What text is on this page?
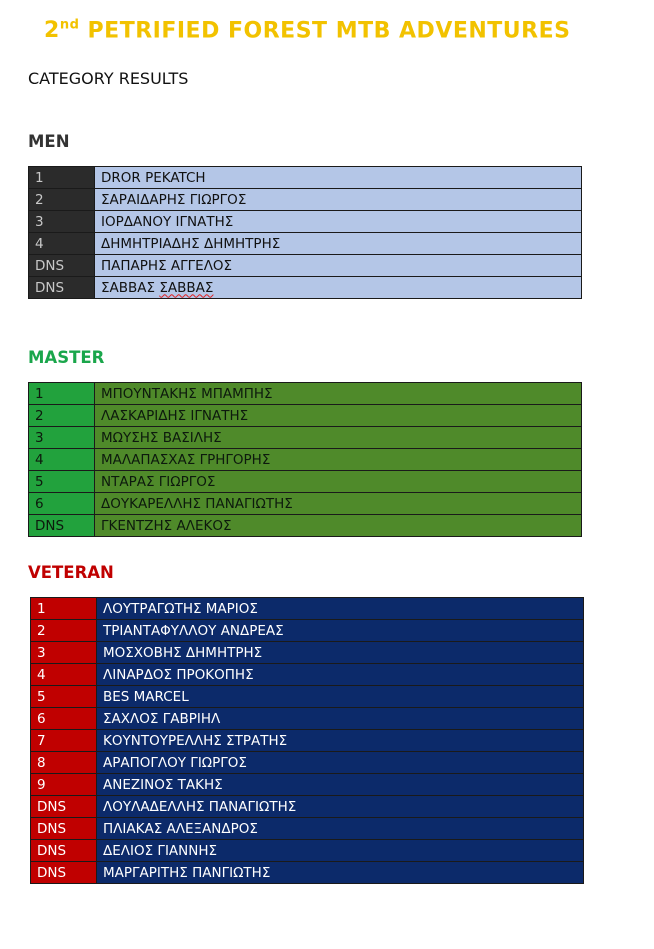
2nd PETRIFIED FOREST MTB ADVENTURES
CATEGORY RESULTS
MEN
1	DROR PEKATCH
2	ΣΑΡΑΙΔΑΡΗΣ ΓΙΩΡΓΟΣ
3	ΙΟΡΔΑΝΟΥ ΙΓΝΑΤΗΣ
4	ΔΗΜΗΤΡΙΑΔΗΣ ΔΗΜΗΤΡΗΣ
DNS	ΠΑΠΑΡΗΣ ΑΓΓΕΛΟΣ
DNS	ΣΑΒΒΑΣ ΣΑΒΒΑΣ
MASTER
1	ΜΠΟΥΝΤΑΚΗΣ ΜΠΑΜΠΗΣ
2	ΛΑΣΚΑΡΙΔΗΣ ΙΓΝΑΤΗΣ
3	ΜΩΥΣΗΣ ΒΑΣΙΛΗΣ
4	ΜΑΛΑΠΑΣΧΑΣ ΓΡΗΓΟΡΗΣ
5	ΝΤΑΡΑΣ ΓΙΩΡΓΟΣ
6	ΔΟΥΚΑΡΕΛΛΗΣ ΠΑΝΑΓΙΩΤΗΣ
DNS	ΓΚΕΝΤΖΗΣ ΑΛΕΚΟΣ
VETERAN
1	ΛΟΥΤΡΑΓΩΤΗΣ ΜΑΡΙΟΣ
2	ΤΡΙΑΝΤΑΦΥΛΛΟΥ ΑΝΔΡΕΑΣ
3	ΜΟΣΧΟΒΗΣ ΔΗΜΗΤΡΗΣ
4	ΛΙΝΑΡΔΟΣ ΠΡΟΚΟΠΗΣ
5	BES MARCEL
6	ΣΑΧΛΟΣ ΓΑΒΡΙΗΛ
7	ΚΟΥΝΤΟΥΡΕΛΛΗΣ ΣΤΡΑΤΗΣ
8	ΑΡΑΠΟΓΛΟΥ ΓΙΩΡΓΟΣ
9	ΑΝΕΖΙΝΟΣ ΤΑΚΗΣ
DNS	ΛΟΥΛΑΔΕΛΛΗΣ ΠΑΝΑΓΙΩΤΗΣ
DNS	ΠΛΙΑΚΑΣ ΑΛΕΞΑΝΔΡΟΣ
DNS	ΔΕΛΙΟΣ ΓΙΑΝΝΗΣ
DNS	ΜΑΡΓΑΡΙΤΗΣ ΠΑΝΓΙΩΤΗΣ
